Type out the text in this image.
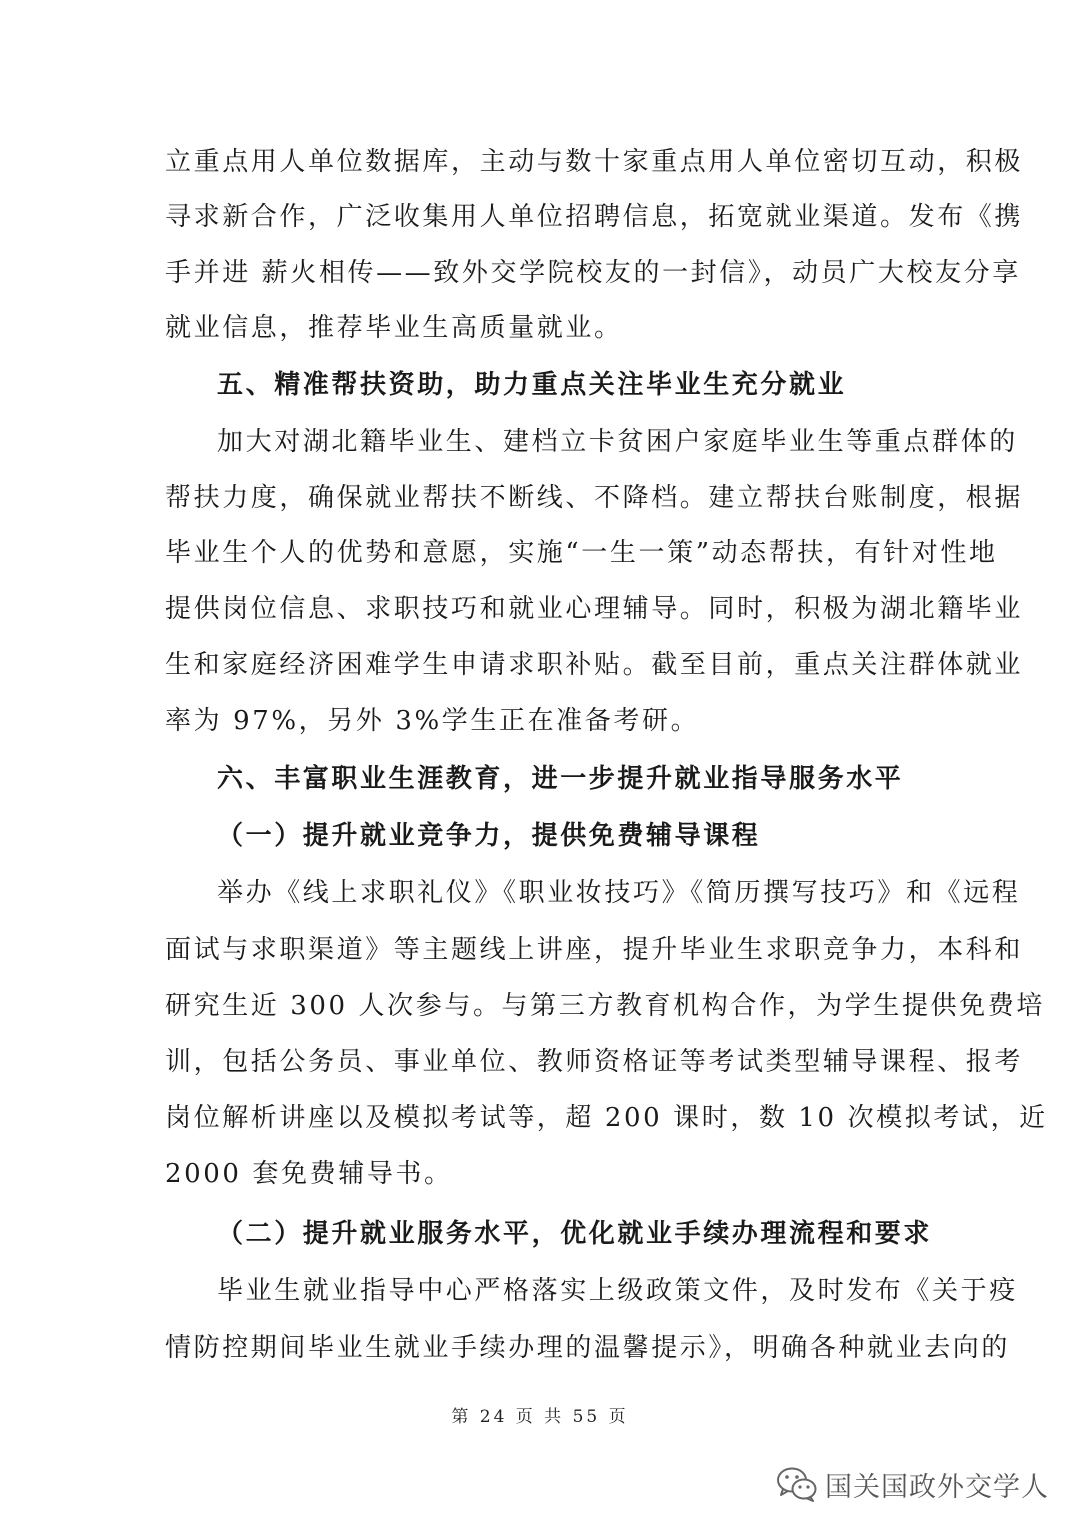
立重点用人单位数据库，主动与数十家重点用人单位密切互动，积极
寻求新合作，广泛收集用人单位招聘信息，拓宽就业渠道。发布《携
手并进 薪火相传——致外交学院校友的一封信》，动员广大校友分享
就业信息，推荐毕业生高质量就业。
五、精准帮扶资助，助力重点关注毕业生充分就业
加大对湖北籍毕业生、建档立卡贫困户家庭毕业生等重点群体的
帮扶力度，确保就业帮扶不断线、不降档。建立帮扶台账制度，根据
毕业生个人的优势和意愿，实施“一生一策”动态帮扶，有针对性地
提供岗位信息、求职技巧和就业心理辅导。同时，积极为湖北籍毕业
生和家庭经济困难学生申请求职补贴。截至目前，重点关注群体就业
率为 97%，另外 3%学生正在准备考研。
六、丰富职业生涯教育，进一步提升就业指导服务水平
（一）提升就业竞争力，提供免费辅导课程
举办《线上求职礼仪》《职业妆技巧》《简历撰写技巧》和《远程
面试与求职渠道》等主题线上讲座，提升毕业生求职竞争力，本科和
研究生近 300 人次参与。与第三方教育机构合作，为学生提供免费培
训，包括公务员、事业单位、教师资格证等考试类型辅导课程、报考
岗位解析讲座以及模拟考试等，超 200 课时，数 10 次模拟考试，近
2000 套免费辅导书。
（二）提升就业服务水平，优化就业手续办理流程和要求
毕业生就业指导中心严格落实上级政策文件，及时发布《关于疫
情防控期间毕业生就业手续办理的温馨提示》，明确各种就业去向的
第 24 页 共 55 页
国关国政外交学人
